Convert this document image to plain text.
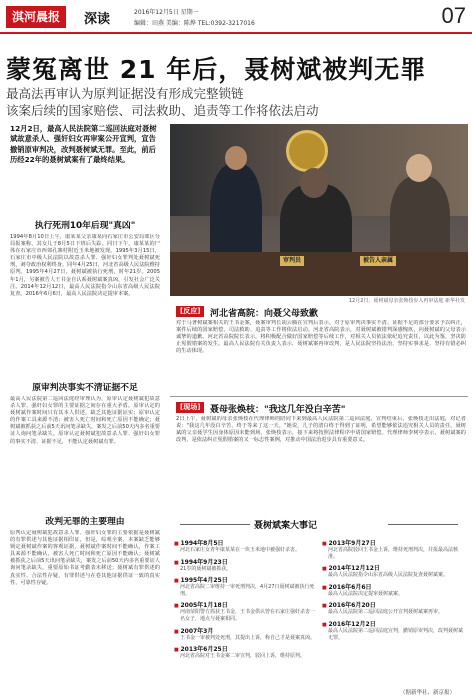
淇河晨报	深读	2016年12月5日 星期一
编辑：田燕 美编：陈烨 TEL:0392-3217016	07
蒙冤离世 21 年后，聂树斌被判无罪
最高法再审认为原判证据没有形成完整锁链
该案后续的国家赔偿、司法救助、追责等工作将依法启动
12月2日，最高人民法院第二巡回法庭对聂树斌故意杀人、强奸妇女再审案公开宣判，宣告撤销原审判决，改判聂树斌无罪。至此，前后历经22年的聂树斌案有了最终结果。
执行死刑10年后现"真凶"
1994年8月10日上午，康某某父亲康某向石家庄市公安局郊区分局报案称，其女儿于8月5日下班后失踪。同日下午，康某某的尸体在石家庄市西郊孔寨村附近玉米地被发现。1995年3月15日，石家庄市中级人民法院以故意杀人罪、强奸妇女罪判处聂树斌死刑，剥夺政治权利终身。同年4月25日，河北省高级人民法院维持原判。1995年4月27日，聂树斌被执行死刑，时年21岁。2005年1月，另案被告人王书金自认系聂树斌案真凶，引发社会广泛关注。2014年12月12日，最高人民法院指令山东省高级人民法院复查。2016年6月6日，最高人民法院决定提审本案。
原审判决事实不清证据不足
最高人民法院第二巡回法庭经审理认为，原审认定聂树斌犯故意杀人罪、强奸妇女罪的主要证据之间存在重大矛盾。原审认定的聂树斌作案时间只有其本人供述，缺乏其他证据证实；原审认定的作案工具来源不清；被害人死亡时间和死亡原因不能确定；聂树斌被抓获之后前5天讯问笔录缺失，案发之后前50天内多名重要证人询问笔录缺失。原审认定聂树斌犯故意杀人罪、强奸妇女罪的事实不清、证据不足，不能认定聂树斌有罪。
改判无罪的主要理由
原判认定聂树斌犯故意杀人罪、强奸妇女罪的主要依据是聂树斌的有罪供述与其他证据相印证，但是，综观全案，本案缺乏能够锁定聂树斌作案的客观证据，聂树斌作案时间不能确认，作案工具来源不能确认，被害人死亡时间和死亡原因不能确认；聂树斌被抓获之后前5天讯问笔录缺失，案发之后前50天内多名重要证人询问笔录缺失，重要原始书证考勤表未移送；聂树斌有罪供述的真实性、合法性存疑，有罪供述与在卷其他证据供证一致的真实性、可靠性存疑。
审判员	被告人亲属
12月2日，聂树斌母亲张焕枝步入再审法庭 新华社发
[反应]	河北省高院：向聂父母致歉
对于马著树斌案相关的王书金案，聂案审判长胡云腾在宣判后表示，对于原审判决事实不清、证据不足的部分要求予以纠正，案件后续的国家赔偿、司法救助、追责等工作将依法启动。河北省高院表示，对聂树斌被错判深感愧疚，向聂树斌的父母表示诚挚的道歉。河北省高院院长表示，将积极配合做好国家赔偿等后续工作，对相关人员依法依纪追究责任，以此为鉴，坚决防止冤假错案的发生。最高人民法院有关负责人表示，聂树斌案再审改判，是人民法院坚持法治、坚持实事求是、坚持有错必纠的生动体现。
[现场]	聂母张焕枝："我这几年没白辛苦"
2日上午，聂树斌的母亲张焕枝在代理律师的陪同下来到最高人民法院第二巡回法庭。宣判结束后，张焕枝走出法庭，对记者说："我这几年没白辛苦，终于等来了这一天。"她说，儿子的清白终于得到了证明，希望能够依法追究相关人员的责任。聂树斌的父亲聂学生因身体原因未能到场。张焕枝表示，接下来将按照法律程序申请国家赔偿。代理律师李树亭表示，聂树斌案的改判，是依法纠正冤假错案的又一标志性案例，对推动中国法治进步具有重要意义。
聂树斌案大事记
■ 1994年8月5日
河北石家庄女青年康某某在一块玉米地中被强奸杀害。
■ 1994年9月23日
21岁的聂树斌被抓获。
■ 1995年4月25日
河北省高院二审维持一审死刑判决，4月27日聂树斌被执行死刑。
■ 2005年1月18日
河南荥阳警方抓获王书金，王书金供认曾在石家庄强奸杀害一名女子，地点与聂案相同。
■ 2007年3月
王书金一审被判处死刑，其提出上诉，称自己才是聂案真凶。
■ 2013年6月25日
河北省高院对王书金案二审宣判，驳回上诉，维持原判。
■ 2013年9月27日
河北省高院驳回王书金上诉，维持死刑判决，并报最高法核准。
■ 2014年12月12日
最高人民法院指令山东省高级人民法院复查聂树斌案。
■ 2016年6月6日
最高人民法院决定提审聂树斌案。
■ 2016年6月20日
最高人民法院第二巡回法庭公开宣判聂树斌案再审。
■ 2016年12月2日
最高人民法院第二巡回法庭宣判，撤销原审判决，改判聂树斌无罪。
（据新华社、新京报）
